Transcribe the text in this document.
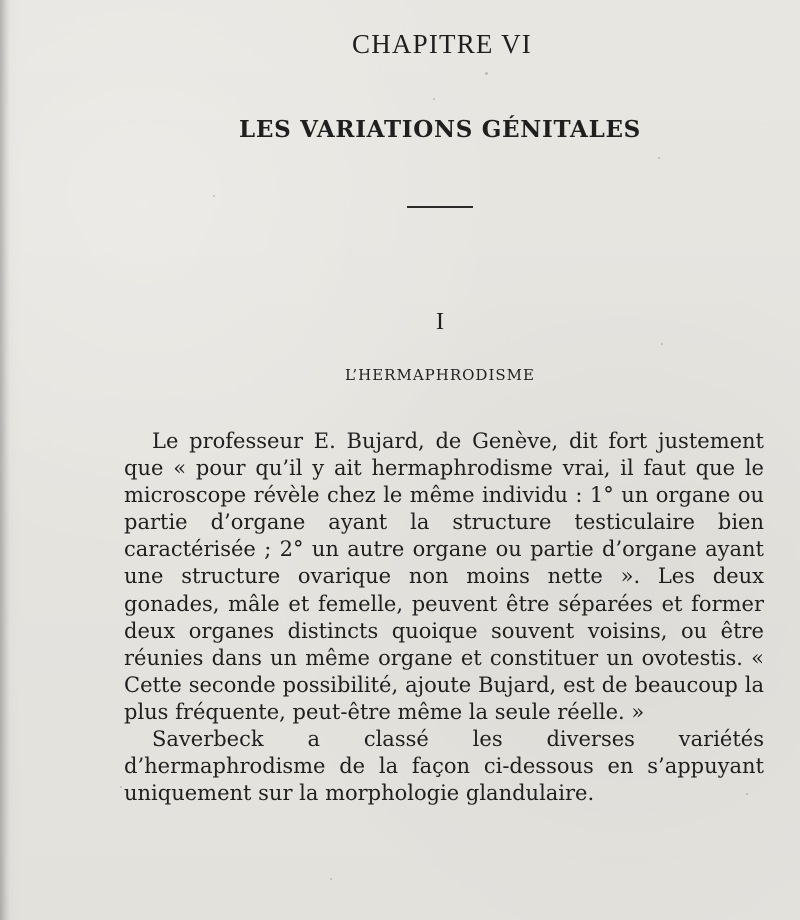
CHAPITRE VI
LES VARIATIONS GÉNITALES
I
L’HERMAPHRODISME

Le professeur E. Bujard, de Genève, dit fort justement que « pour qu’il y ait hermaphrodisme vrai, il faut que le microscope révèle chez le même individu : 1° un organe ou partie d’organe ayant la structure testiculaire bien caractérisée ; 2° un autre organe ou partie d’organe ayant une structure ovarique non moins nette ». Les deux gonades, mâle et femelle, peuvent être séparées et former deux organes distincts quoique souvent voisins, ou être réunies dans un même organe et constituer un ovotestis. « Cette seconde possibilité, ajoute Bujard, est de beaucoup la plus fréquente, peut-être même la seule réelle. »

Saverbeck a classé les diverses variétés d’hermaphrodisme de la façon ci-dessous en s’appuyant uniquement sur la morphologie glandulaire.
